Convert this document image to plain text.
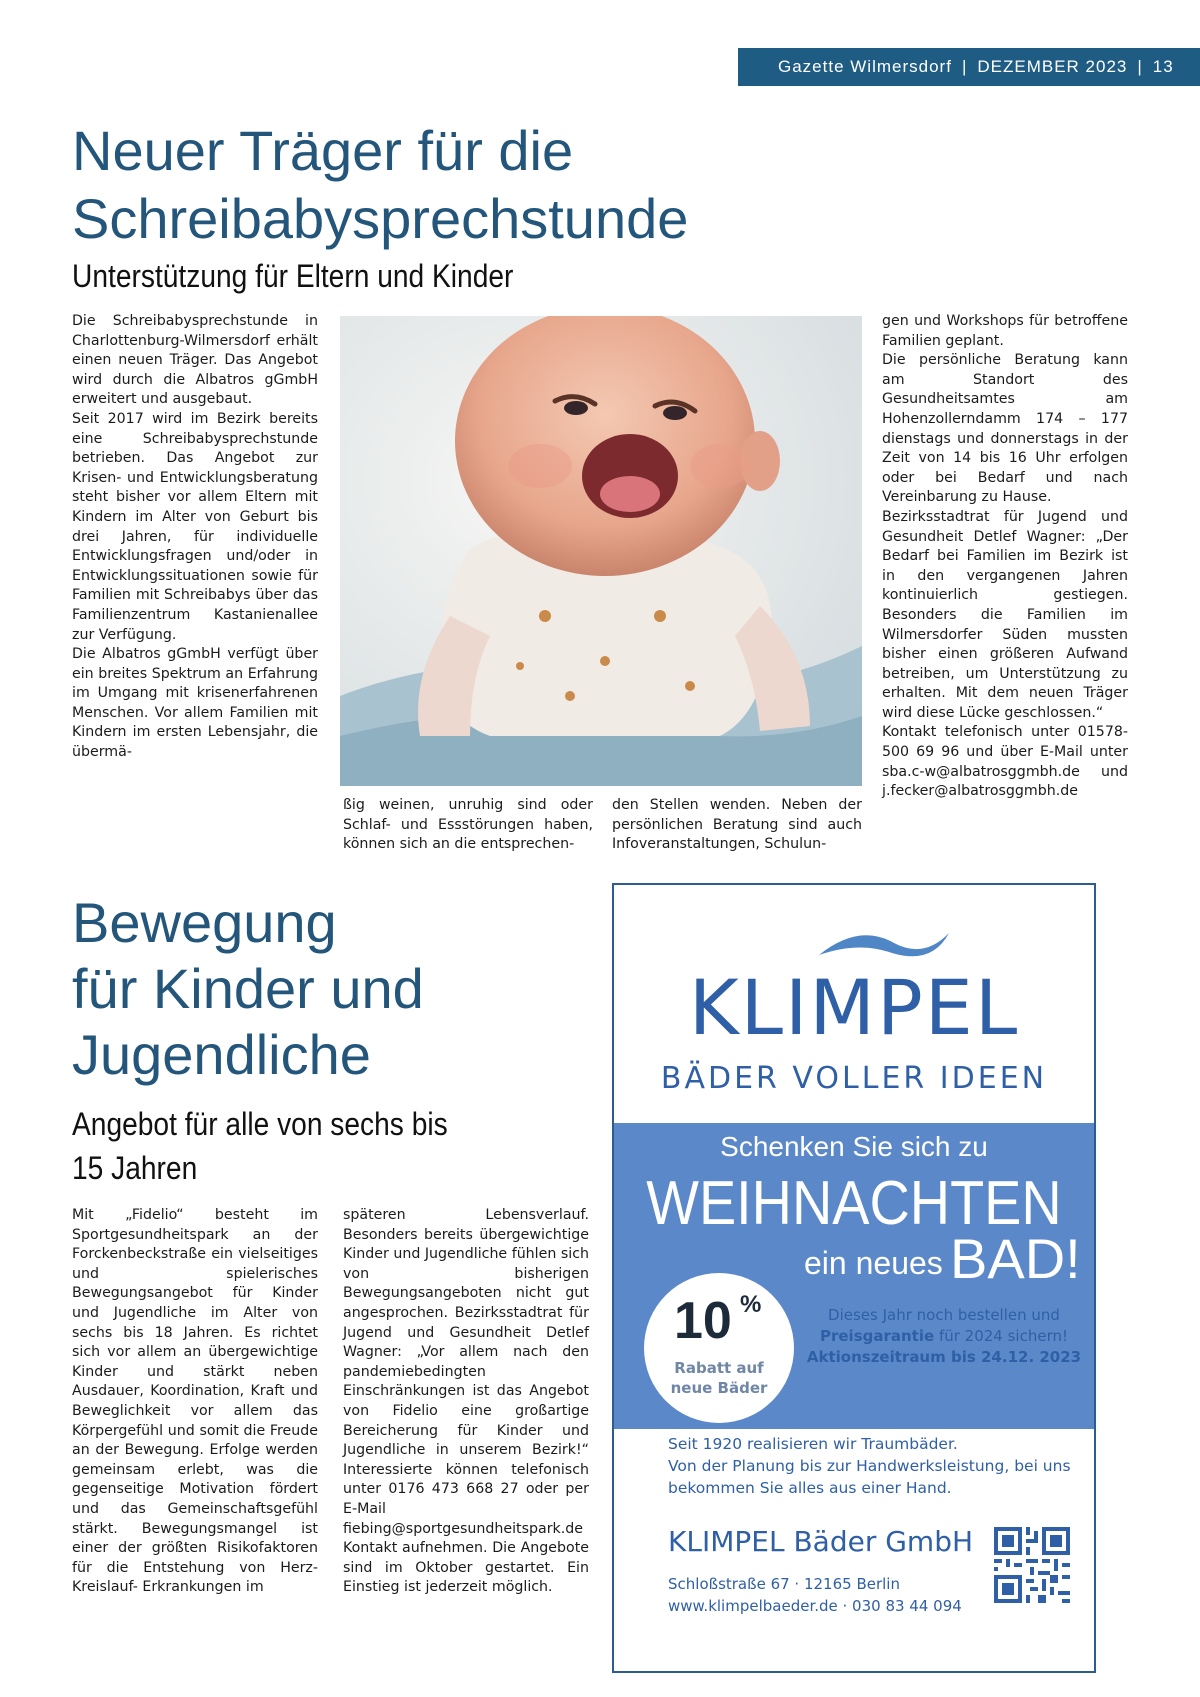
Gazette Wilmersdorf | DEZEMBER 2023 | 13
Neuer Träger für die
Schreibabysprechstunde
Unterstützung für Eltern und Kinder

Die Schreibabysprechstunde in Charlottenburg-Wilmersdorf erhält einen neuen Träger. Das Angebot wird durch die Albatros gGmbH erweitert und ausgebaut.

Seit 2017 wird im Bezirk bereits eine Schreibabysprechstunde betrieben. Das Angebot zur Krisen- und Entwicklungsberatung steht bisher vor allem Eltern mit Kindern im Alter von Geburt bis drei Jahren, für individuelle Entwicklungsfragen und/oder in Entwicklungssituationen sowie für Familien mit Schreibabys über das Familienzentrum Kastanienallee zur Verfügung.

Die Albatros gGmbH verfügt über ein breites Spektrum an Erfahrung im Umgang mit krisenerfahrenen Menschen. Vor allem Familien mit Kindern im ersten Lebensjahr, die übermä-

ßig weinen, unruhig sind oder Schlaf- und Essstörungen haben, können sich an die entsprechen-

den Stellen wenden. Neben der persönlichen Beratung sind auch Infoveranstaltungen, Schulun-

gen und Workshops für betroffene Familien geplant.

Die persönliche Beratung kann am Standort des Gesundheitsamtes am Hohenzollerndamm 174 – 177 dienstags und donnerstags in der Zeit von 14 bis 16 Uhr erfolgen oder bei Bedarf und nach Vereinbarung zu Hause.

Bezirksstadtrat für Jugend und Gesundheit Detlef Wagner: „Der Bedarf bei Familien im Bezirk ist in den vergangenen Jahren kontinuierlich gestiegen. Besonders die Familien im Wilmersdorfer Süden mussten bisher einen größeren Aufwand betreiben, um Unterstützung zu erhalten. Mit dem neuen Träger wird diese Lücke geschlossen.“

Kontakt telefonisch unter 01578-500 69 96 und über E-Mail unter sba.c-w@albatrosggmbh.de und j.fecker@albatrosggmbh.de

Bewegung
für Kinder und
Jugendliche
Angebot für alle von sechs bis
15 Jahren

Mit „Fidelio“ besteht im Sportgesundheitspark an der Forckenbeckstraße ein vielseitiges und spielerisches Bewegungsangebot für Kinder und Jugendliche im Alter von sechs bis 18 Jahren. Es richtet sich vor allem an übergewichtige Kinder und stärkt neben Ausdauer, Koordination, Kraft und Beweglichkeit vor allem das Körpergefühl und somit die Freude an der Bewegung. Erfolge werden gemeinsam erlebt, was die gegenseitige Motivation fördert und das Gemeinschaftsgefühl stärkt. Bewegungsmangel ist einer der größten Risikofaktoren für die Entstehung von Herz-Kreislauf- Erkrankungen im

späteren Lebensverlauf. Besonders bereits übergewichtige Kinder und Jugendliche fühlen sich von bisherigen Bewegungsangeboten nicht gut angesprochen. Bezirksstadtrat für Jugend und Gesundheit Detlef Wagner: „Vor allem nach den pandemiebedingten Einschränkungen ist das Angebot von Fidelio eine großartige Bereicherung für Kinder und Jugendliche in unserem Bezirk!“ Interessierte können telefonisch unter 0176 473 668 27 oder per E-Mail fiebing@sportgesundheitspark.de Kontakt aufnehmen. Die Angebote sind im Oktober gestartet. Ein Einstieg ist jederzeit möglich.

KLIMPEL
BÄDER VOLLER IDEEN
Schenken Sie sich zu
WEIHNACHTEN
ein neues BAD!
10 %
Rabatt auf
neue Bäder
Dieses Jahr noch bestellen und
Preisgarantie für 2024 sichern!
Aktionszeitraum bis 24.12. 2023
Seit 1920 realisieren wir Traumbäder.
Von der Planung bis zur Handwerksleistung, bei uns
bekommen Sie alles aus einer Hand.
KLIMPEL Bäder GmbH
Schloßstraße 67 · 12165 Berlin
www.klimpelbaeder.de · 030 83 44 094
